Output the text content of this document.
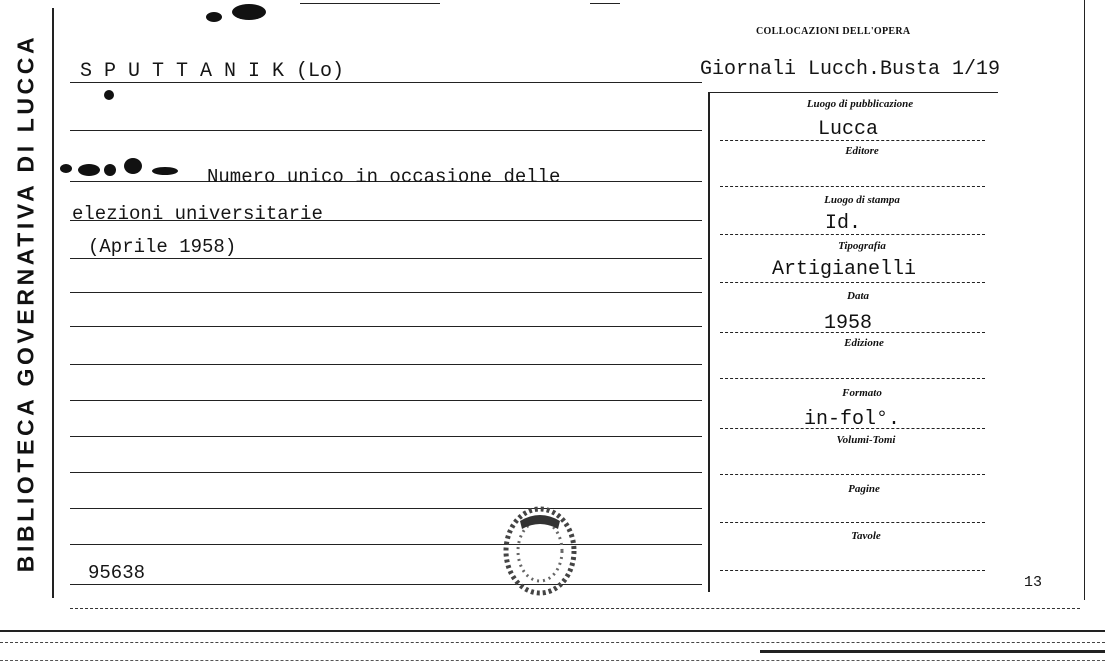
BIBLIOTECA GOVERNATIVA DI LUCCA
COLLOCAZIONI DELL'OPERA
Giornali Lucch.Busta 1/19
S P U T T A N I K (Lo)
Numero unico in occasione delle
elezioni universitarie
(Aprile 1958)
95638
Luogo di pubblicazione
Lucca
Editore
Luogo di stampa
Id.
Tipografia
Artigianelli
Data
1958
Edizione
Formato
in-fol°.
Volumi-Tomi
Pagine
Tavole
13
